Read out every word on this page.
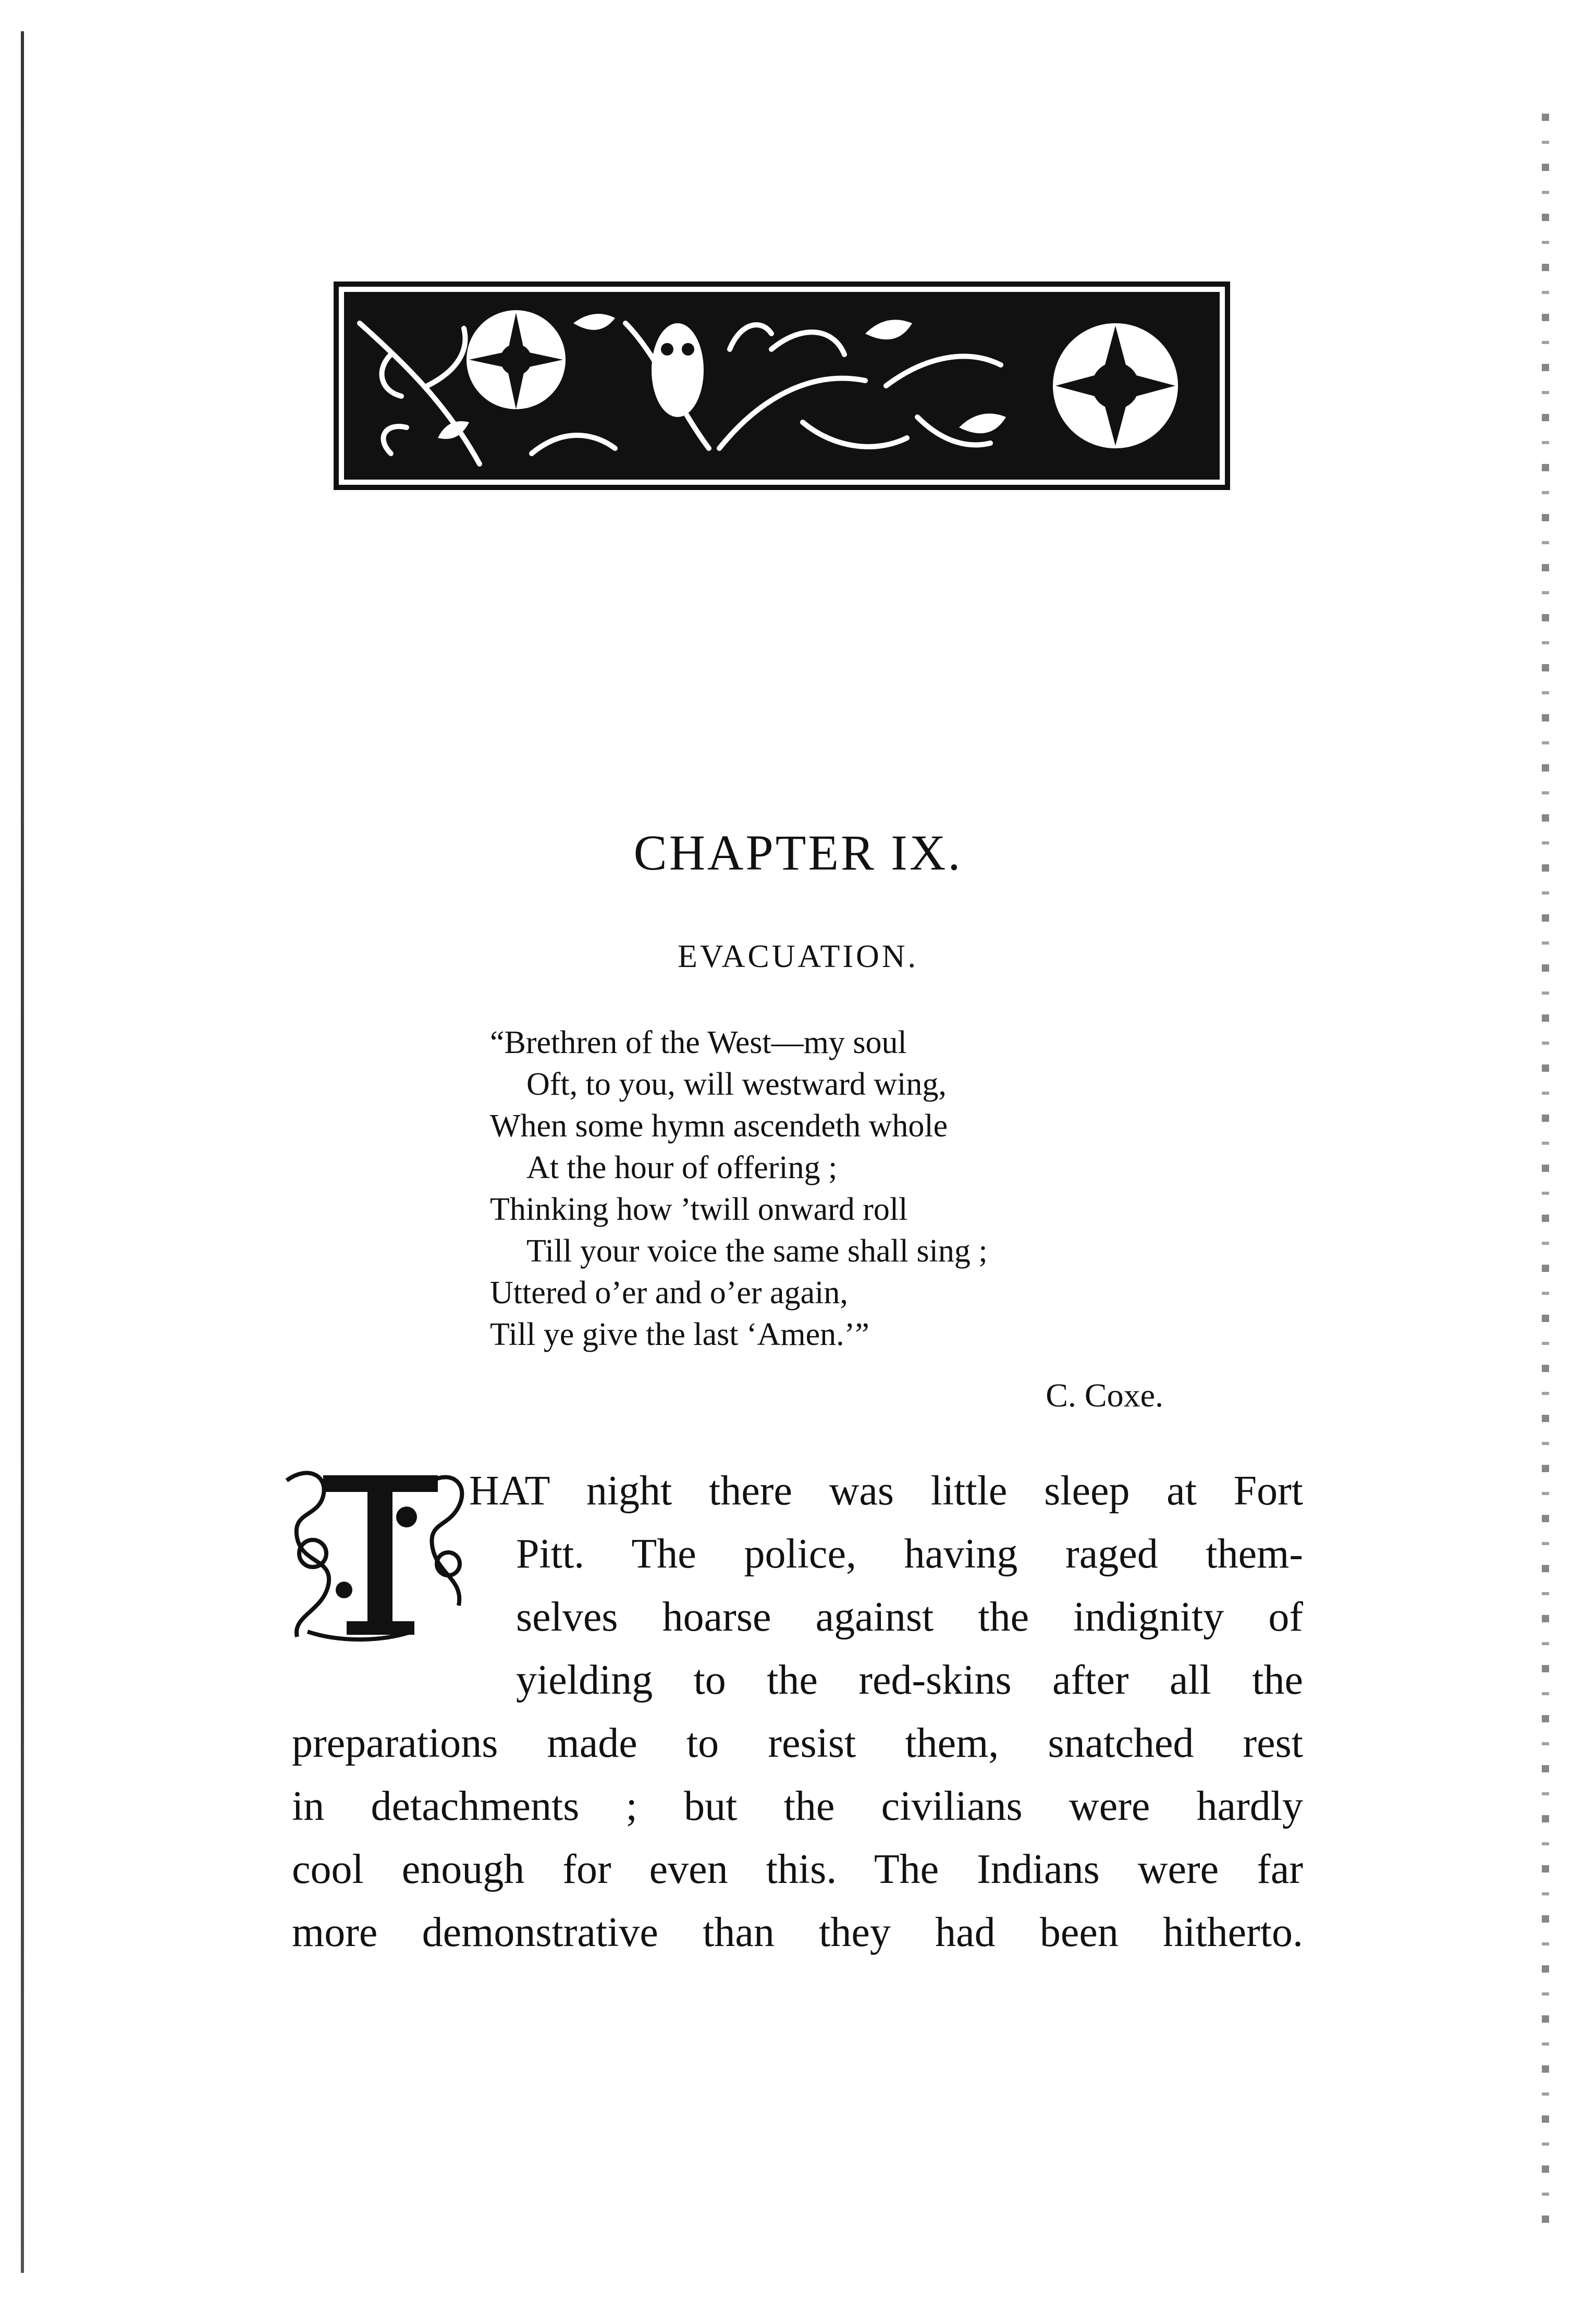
CHAPTER IX.
EVACUATION.
“Brethren of the West—my soul
Oft, to you, will westward wing,
When some hymn ascendeth whole
At the hour of offering ;
Thinking how ’twill onward roll
Till your voice the same shall sing ;
Uttered o’er and o’er again,
Till ye give the last ‘Amen.’”
C. Coxe.
HAT night there was little sleep at Fort
Pitt. The police, having raged them-
selves hoarse against the indignity of
yielding to the red-skins after all the
preparations made to resist them, snatched rest
in detachments ; but the civilians were hardly
cool enough for even this. The Indians were far
more demonstrative than they had been hitherto.
